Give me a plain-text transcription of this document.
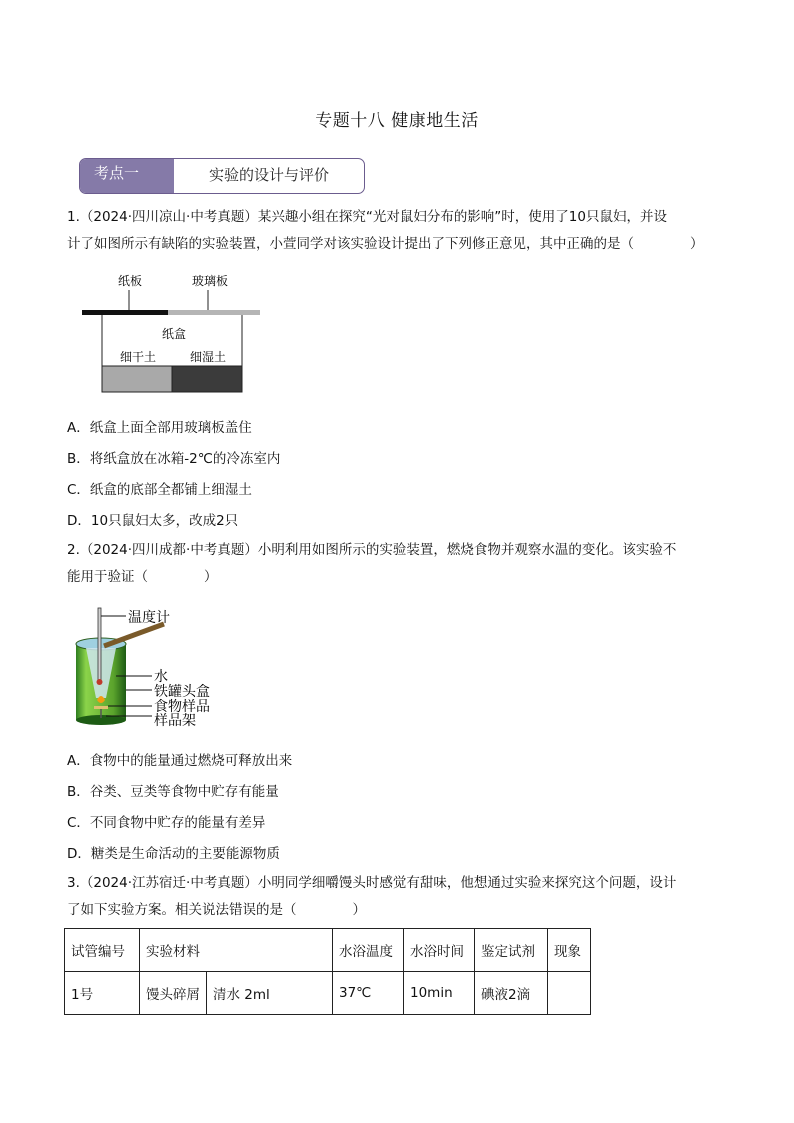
专题十八 健康地生活
考点一	实验的设计与评价
1.（2024·四川凉山·中考真题）某兴趣小组在探究“光对鼠妇分布的影响”时，使用了10只鼠妇，并设
计了如图所示有缺陷的实验装置，小萱同学对该实验设计提出了下列修正意见，其中正确的是（	）
纸板	玻璃板
纸盒
细干土	细湿土
A．纸盒上面全部用玻璃板盖住
B．将纸盒放在冰箱-2℃的冷冻室内
C．纸盒的底部全都铺上细湿土
D．10只鼠妇太多，改成2只
2.（2024·四川成都·中考真题）小明利用如图所示的实验装置，燃烧食物并观察水温的变化。该实验不
能用于验证（	）
温度计
水
铁罐头盒
食物样品
样品架
A．食物中的能量通过燃烧可释放出来
B．谷类、豆类等食物中贮存有能量
C．不同食物中贮存的能量有差异
D．糖类是生命活动的主要能源物质
3.（2024·江苏宿迁·中考真题）小明同学细嚼馒头时感觉有甜味，他想通过实验来探究这个问题，设计
了如下实验方案。相关说法错误的是（	）
试管编号	实验材料		水浴温度	水浴时间	鉴定试剂	现象
1号	馒头碎屑	清水 2ml	37℃	10min	碘液2滴	
